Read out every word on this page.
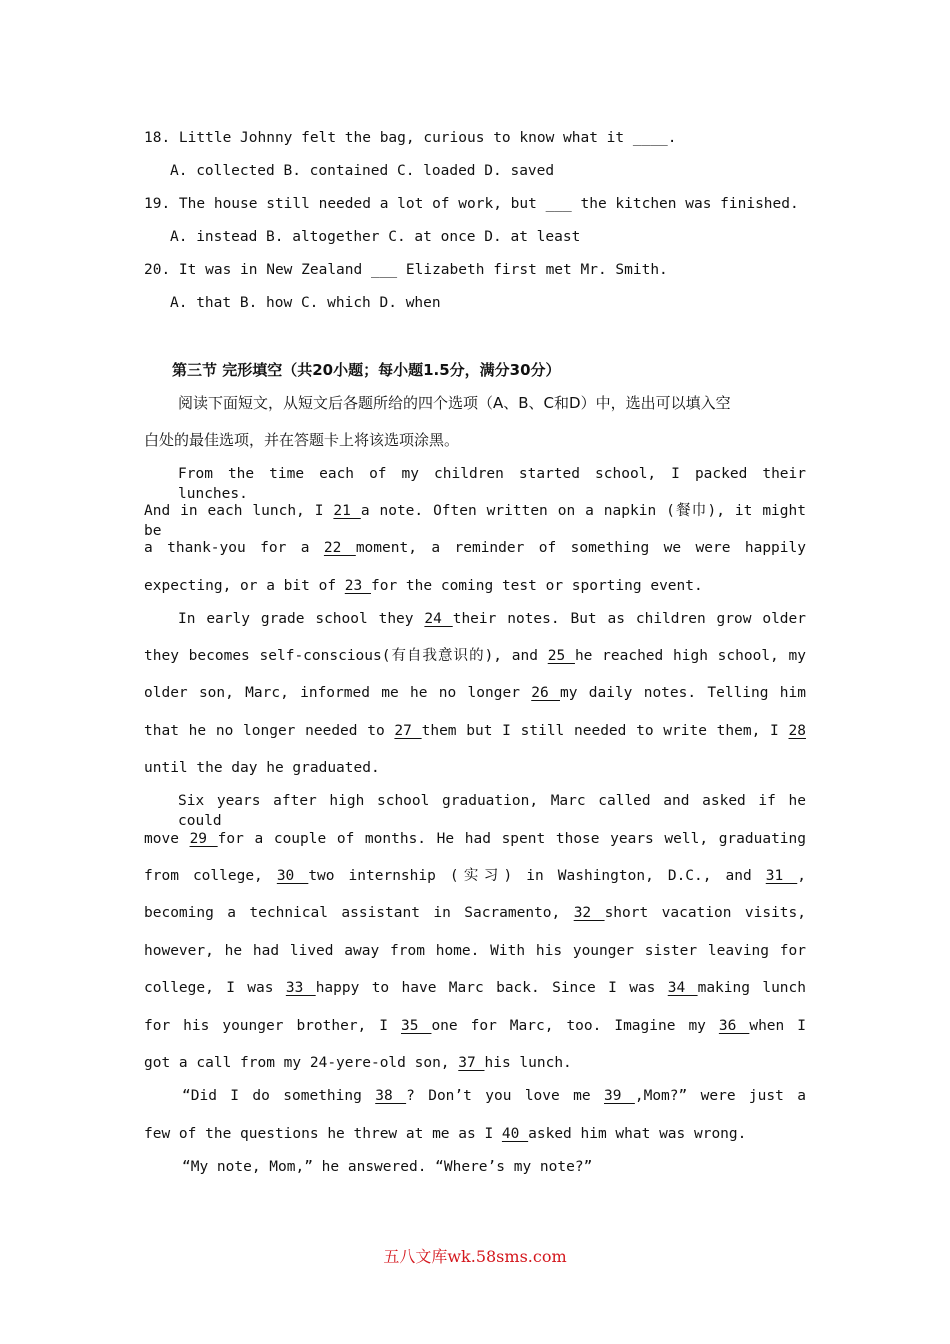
18. Little Johnny felt the bag, curious to know what it ____.
A. collected B. contained C. loaded D. saved
19. The house still needed a lot of work, but ___ the kitchen was finished.
A. instead B. altogether C. at once D. at least
20. It was in New Zealand ___ Elizabeth first met Mr. Smith.
A. that B. how C. which D. when
第三节 完形填空（共20小题；每小题1.5分，满分30分）
阅读下面短文，从短文后各题所给的四个选项（A、B、C和D）中，选出可以填入空
白处的最佳选项，并在答题卡上将该选项涂黑。
From the time each of my children started school, I packed their lunches.
And in each lunch, I 21 a note. Often written on a napkin (餐巾), it might be
a thank-you for a 22 moment, a reminder of something we were happily
expecting, or a bit of 23 for the coming test or sporting event.
In early grade school they 24 their notes. But as children grow older
they becomes self-conscious(有自我意识的), and 25 he reached high school, my
older son, Marc, informed me he no longer 26 my daily notes. Telling him
that he no longer needed to 27 them but I still needed to write them, I 28
until the day he graduated.
Six years after high school graduation, Marc called and asked if he could
move 29 for a couple of months. He had spent those years well, graduating
from college, 30 two internship (实习) in Washington, D.C., and 31 ,
becoming a technical assistant in Sacramento, 32 short vacation visits,
however, he had lived away from home. With his younger sister leaving for
college, I was 33 happy to have Marc back. Since I was 34 making lunch
for his younger brother, I 35 one for Marc, too. Imagine my 36 when I
got a call from my 24-yere-old son, 37 his lunch.
“Did I do something 38 ? Don’t you love me 39 ,Mom?” were just a
few of the questions he threw at me as I 40 asked him what was wrong.
“My note, Mom,” he answered. “Where’s my note?”
五八文库wk.58sms.com
